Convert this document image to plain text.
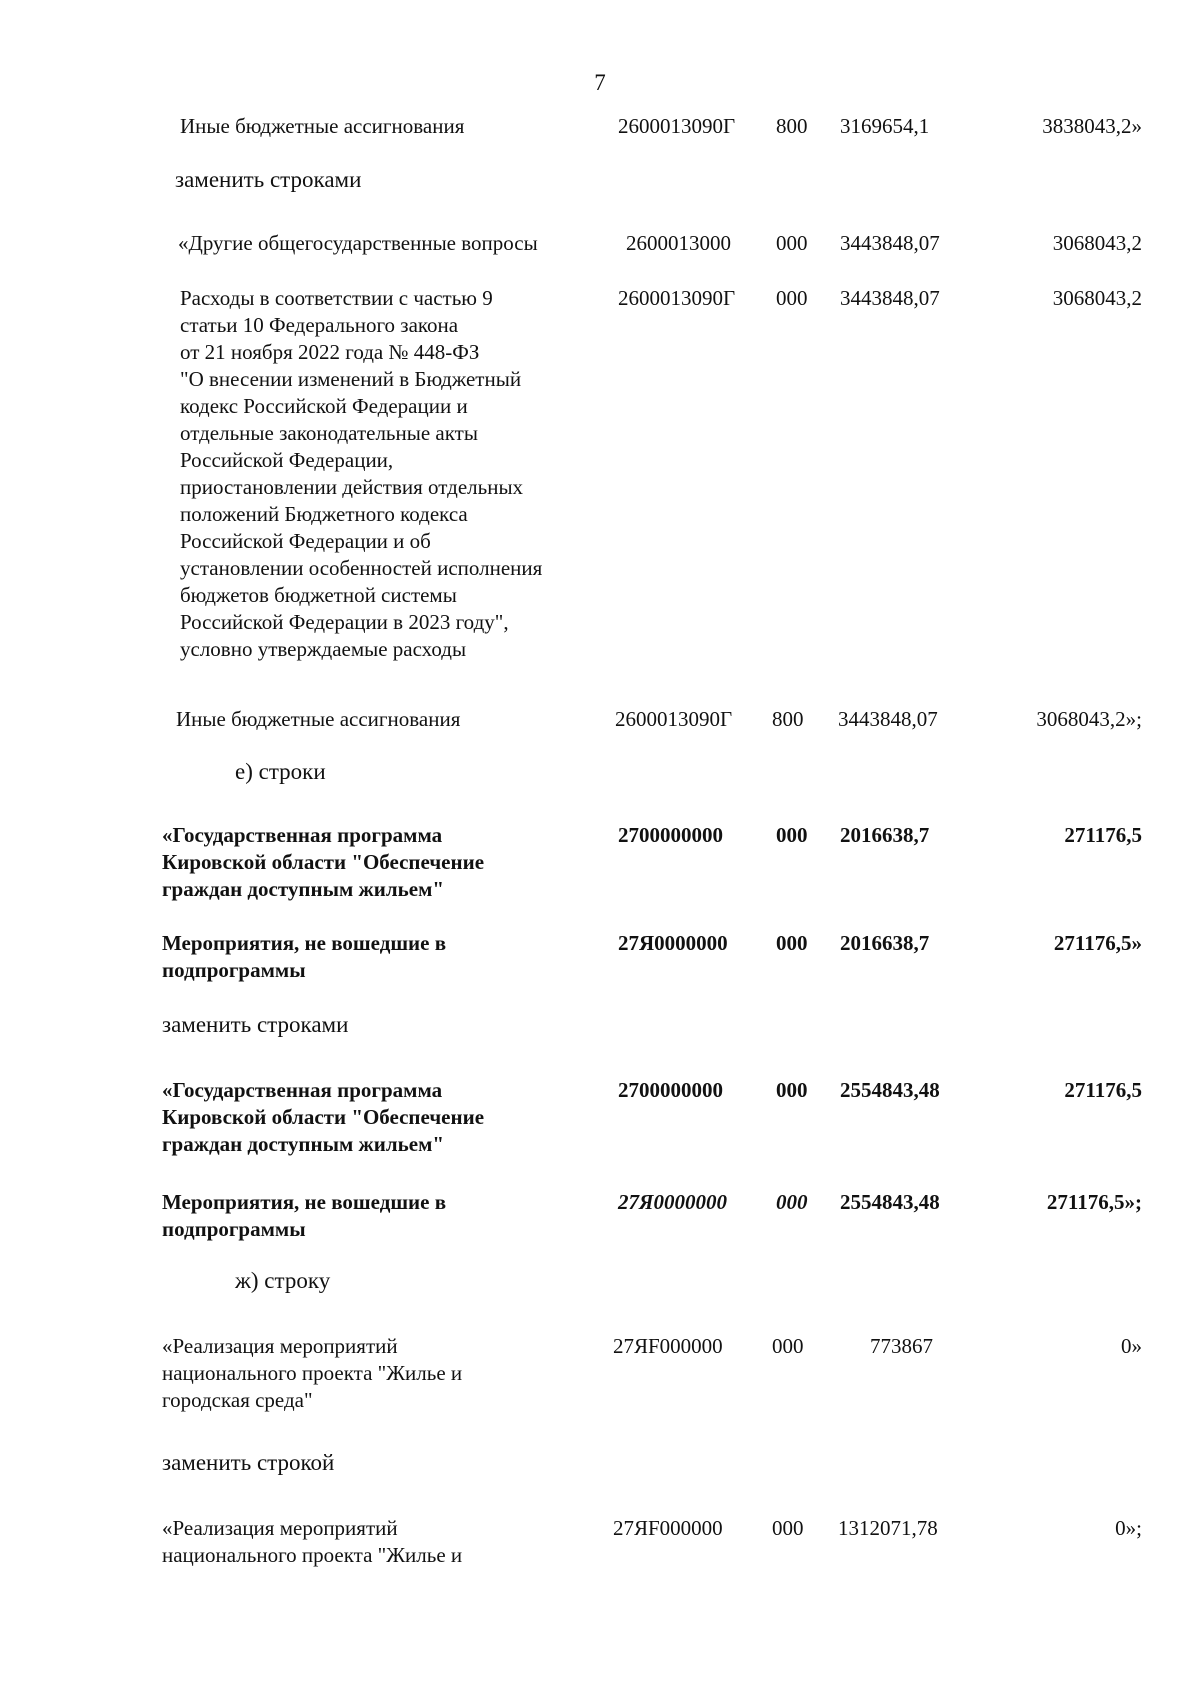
7
Иные бюджетные ассигнования	2600013090Г	800	3169654,1	3838043,2»
заменить строками
«Другие общегосударственные вопросы	2600013000	000	3443848,07	3068043,2
Расходы в соответствии с частью 9
статьи 10 Федерального закона
от 21 ноября 2022 года № 448-ФЗ
"О внесении изменений в Бюджетный
кодекс Российской Федерации и
отдельные законодательные акты
Российской Федерации,
приостановлении действия отдельных
положений Бюджетного кодекса
Российской Федерации и об
установлении особенностей исполнения
бюджетов бюджетной системы
Российской Федерации в 2023 году",
условно утверждаемые расходы
2600013090Г	000	3443848,07	3068043,2
Иные бюджетные ассигнования	2600013090Г	800	3443848,07	3068043,2»;
е) строки
«Государственная программа
Кировской области "Обеспечение
граждан доступным жильем"
2700000000	000	2016638,7	271176,5
Мероприятия, не вошедшие в
подпрограммы
27Я0000000	000	2016638,7	271176,5»
заменить строками
«Государственная программа
Кировской области "Обеспечение
граждан доступным жильем"
2700000000	000	2554843,48	271176,5
Мероприятия, не вошедшие в
подпрограммы
27Я0000000	000	2554843,48	271176,5»;
ж) строку
«Реализация мероприятий
национального проекта "Жилье и
городская среда"
27ЯF000000	000	773867	0»
заменить строкой
«Реализация мероприятий
национального проекта "Жилье и
27ЯF000000	000	1312071,78	0»;
